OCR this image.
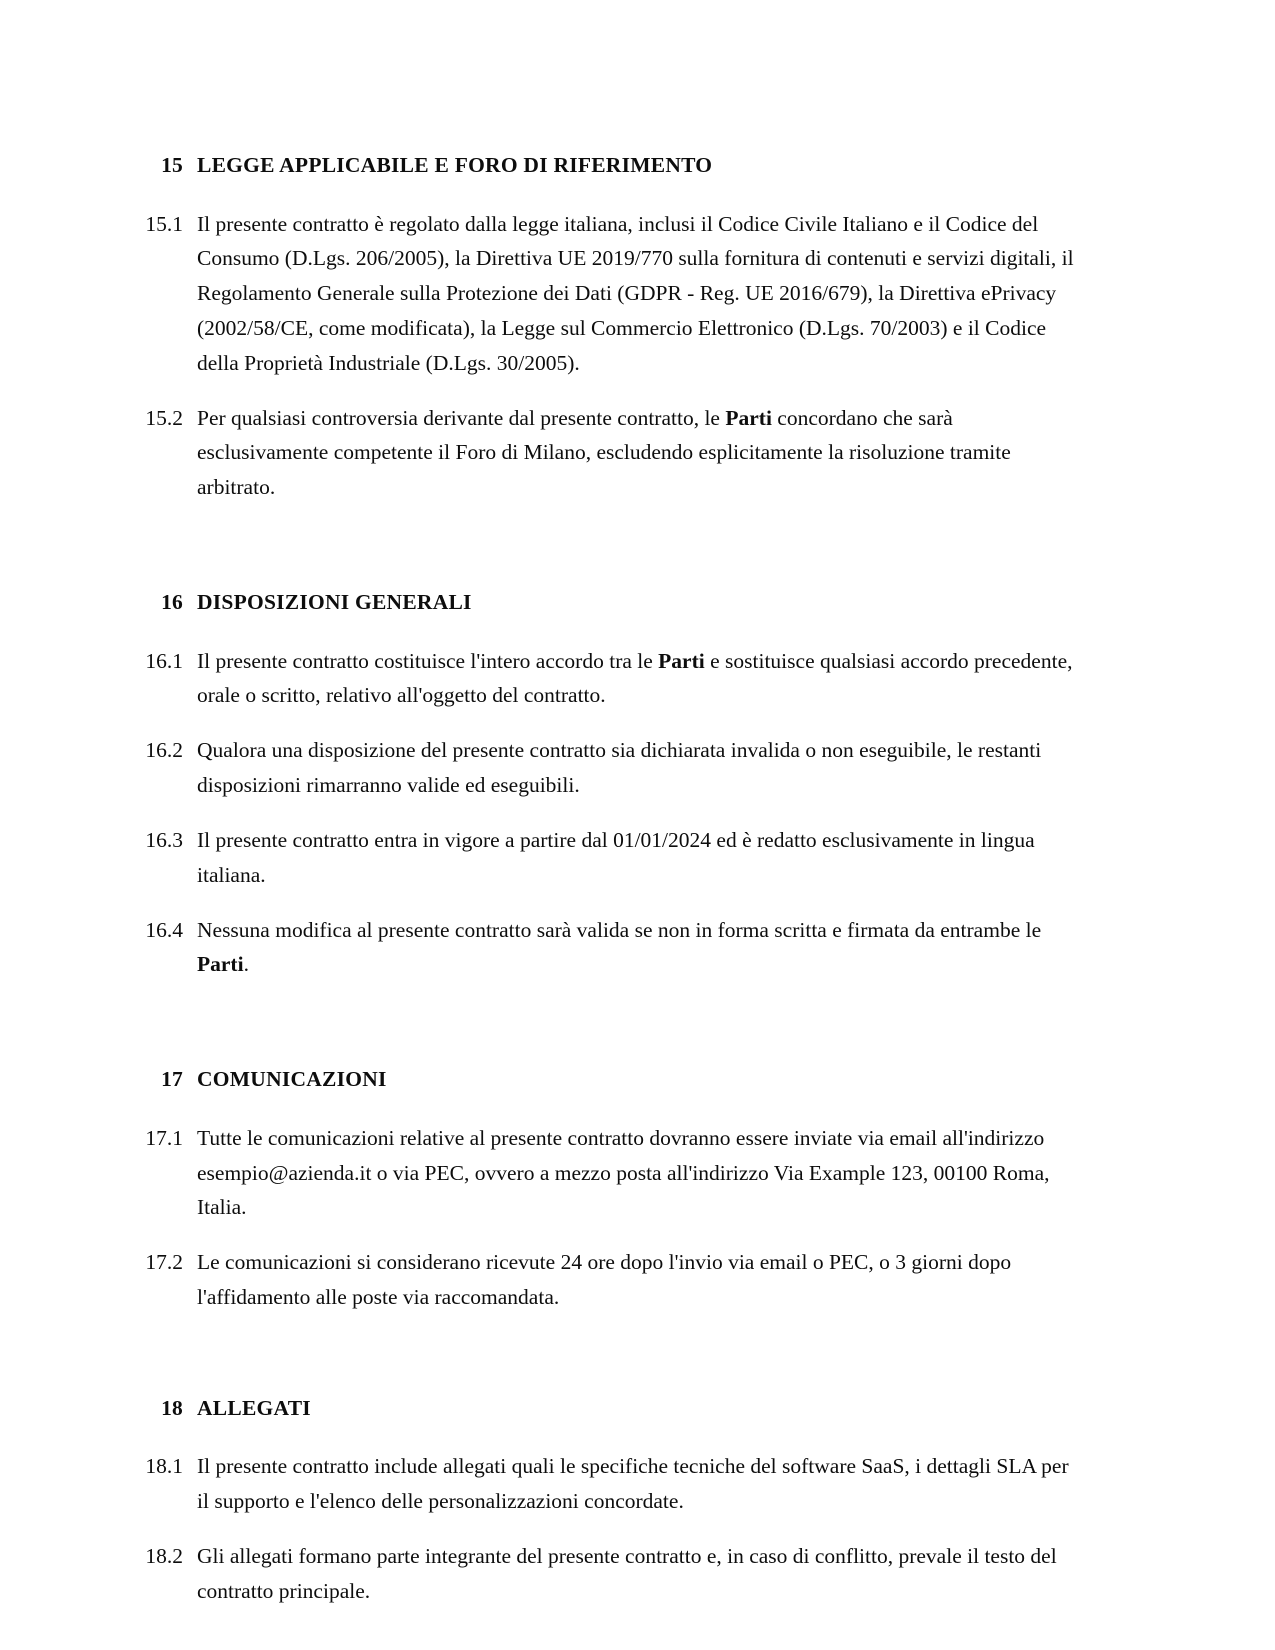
15 LEGGE APPLICABILE E FORO DI RIFERIMENTO
15.1 Il presente contratto è regolato dalla legge italiana, inclusi il Codice Civile Italiano e il Codice del Consumo (D.Lgs. 206/2005), la Direttiva UE 2019/770 sulla fornitura di contenuti e servizi digitali, il Regolamento Generale sulla Protezione dei Dati (GDPR - Reg. UE 2016/679), la Direttiva ePrivacy (2002/58/CE, come modificata), la Legge sul Commercio Elettronico (D.Lgs. 70/2003) e il Codice della Proprietà Industriale (D.Lgs. 30/2005).
15.2 Per qualsiasi controversia derivante dal presente contratto, le Parti concordano che sarà esclusivamente competente il Foro di Milano, escludendo esplicitamente la risoluzione tramite arbitrato.
16 DISPOSIZIONI GENERALI
16.1 Il presente contratto costituisce l'intero accordo tra le Parti e sostituisce qualsiasi accordo precedente, orale o scritto, relativo all'oggetto del contratto.
16.2 Qualora una disposizione del presente contratto sia dichiarata invalida o non eseguibile, le restanti disposizioni rimarranno valide ed eseguibili.
16.3 Il presente contratto entra in vigore a partire dal 01/01/2024 ed è redatto esclusivamente in lingua italiana.
16.4 Nessuna modifica al presente contratto sarà valida se non in forma scritta e firmata da entrambe le Parti.
17 COMUNICAZIONI
17.1 Tutte le comunicazioni relative al presente contratto dovranno essere inviate via email all'indirizzo esempio@azienda.it o via PEC, ovvero a mezzo posta all'indirizzo Via Example 123, 00100 Roma, Italia.
17.2 Le comunicazioni si considerano ricevute 24 ore dopo l'invio via email o PEC, o 3 giorni dopo l'affidamento alle poste via raccomandata.
18 ALLEGATI
18.1 Il presente contratto include allegati quali le specifiche tecniche del software SaaS, i dettagli SLA per il supporto e l'elenco delle personalizzazioni concordate.
18.2 Gli allegati formano parte integrante del presente contratto e, in caso di conflitto, prevale il testo del contratto principale.
